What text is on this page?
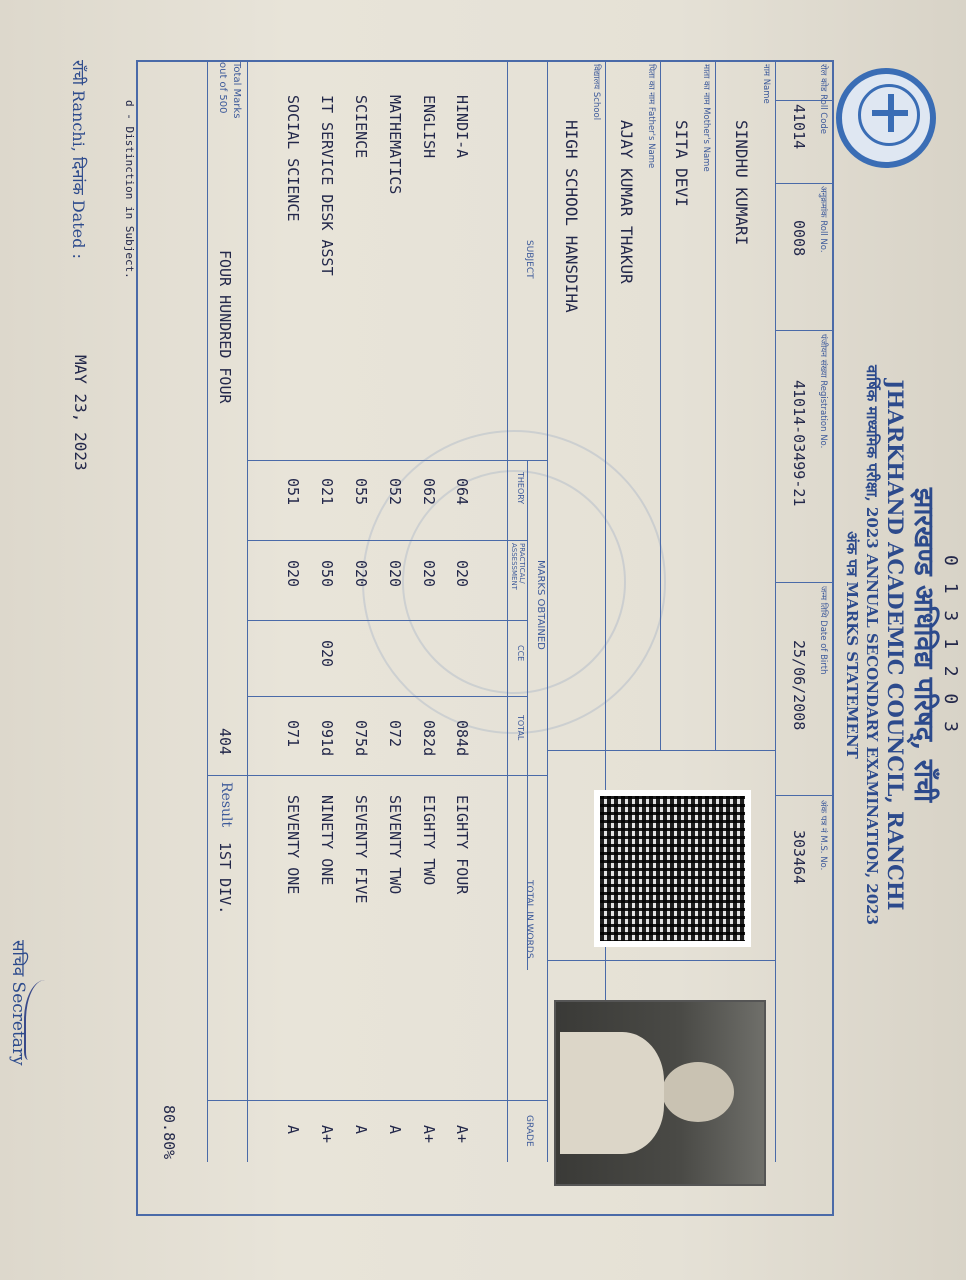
0 1 3 1 2 0 3
झारखण्ड अधिविद्य परिषद्, राँची
JHARKHAND ACADEMIC COUNCIL, RANCHI
वार्षिक माध्यमिक परीक्षा, 2023 ANNUAL SECONDARY EXAMINATION, 2023
अंक पत्र MARKS STATEMENT
रोल कोड Roll Code
41014
अनुक्रमांक Roll No.
0008
पंजीयन संख्या Registration No.
41014-03499-21
जन्म तिथि Date of Birth
25/06/2008
अंक पत्र नं M.S. No.
303464
नाम Name
SINDHU KUMARI
माता का नाम Mother's Name
SITA DEVI
पिता का नाम Father's Name
AJAY KUMAR THAKUR
विद्यालय School
HIGH SCHOOL HANSDIHA
SUBJECT
MARKS OBTAINED
THEORY
PRACTICAL/ ASSESSMENT
CCE
TOTAL
TOTAL IN WORDS
GRADE
HINDI-A
064
020
084d
EIGHTY FOUR
A+
ENGLISH
062
020
082d
EIGHTY TWO
A+
MATHEMATICS
052
020
072
SEVENTY TWO
A
SCIENCE
055
020
075d
SEVENTY FIVE
A
IT SERVICE DESK ASST
021
050
020
091d
NINETY ONE
A+
SOCIAL SCIENCE
051
020
071
SEVENTY ONE
A
Total Marks
out of 500
FOUR HUNDRED FOUR
404
Result
1ST DIV.
80.80%
d - Distinction in Subject.
राँची Ranchi, दिनांक Dated :
MAY 23, 2023
सचिव Secretary
